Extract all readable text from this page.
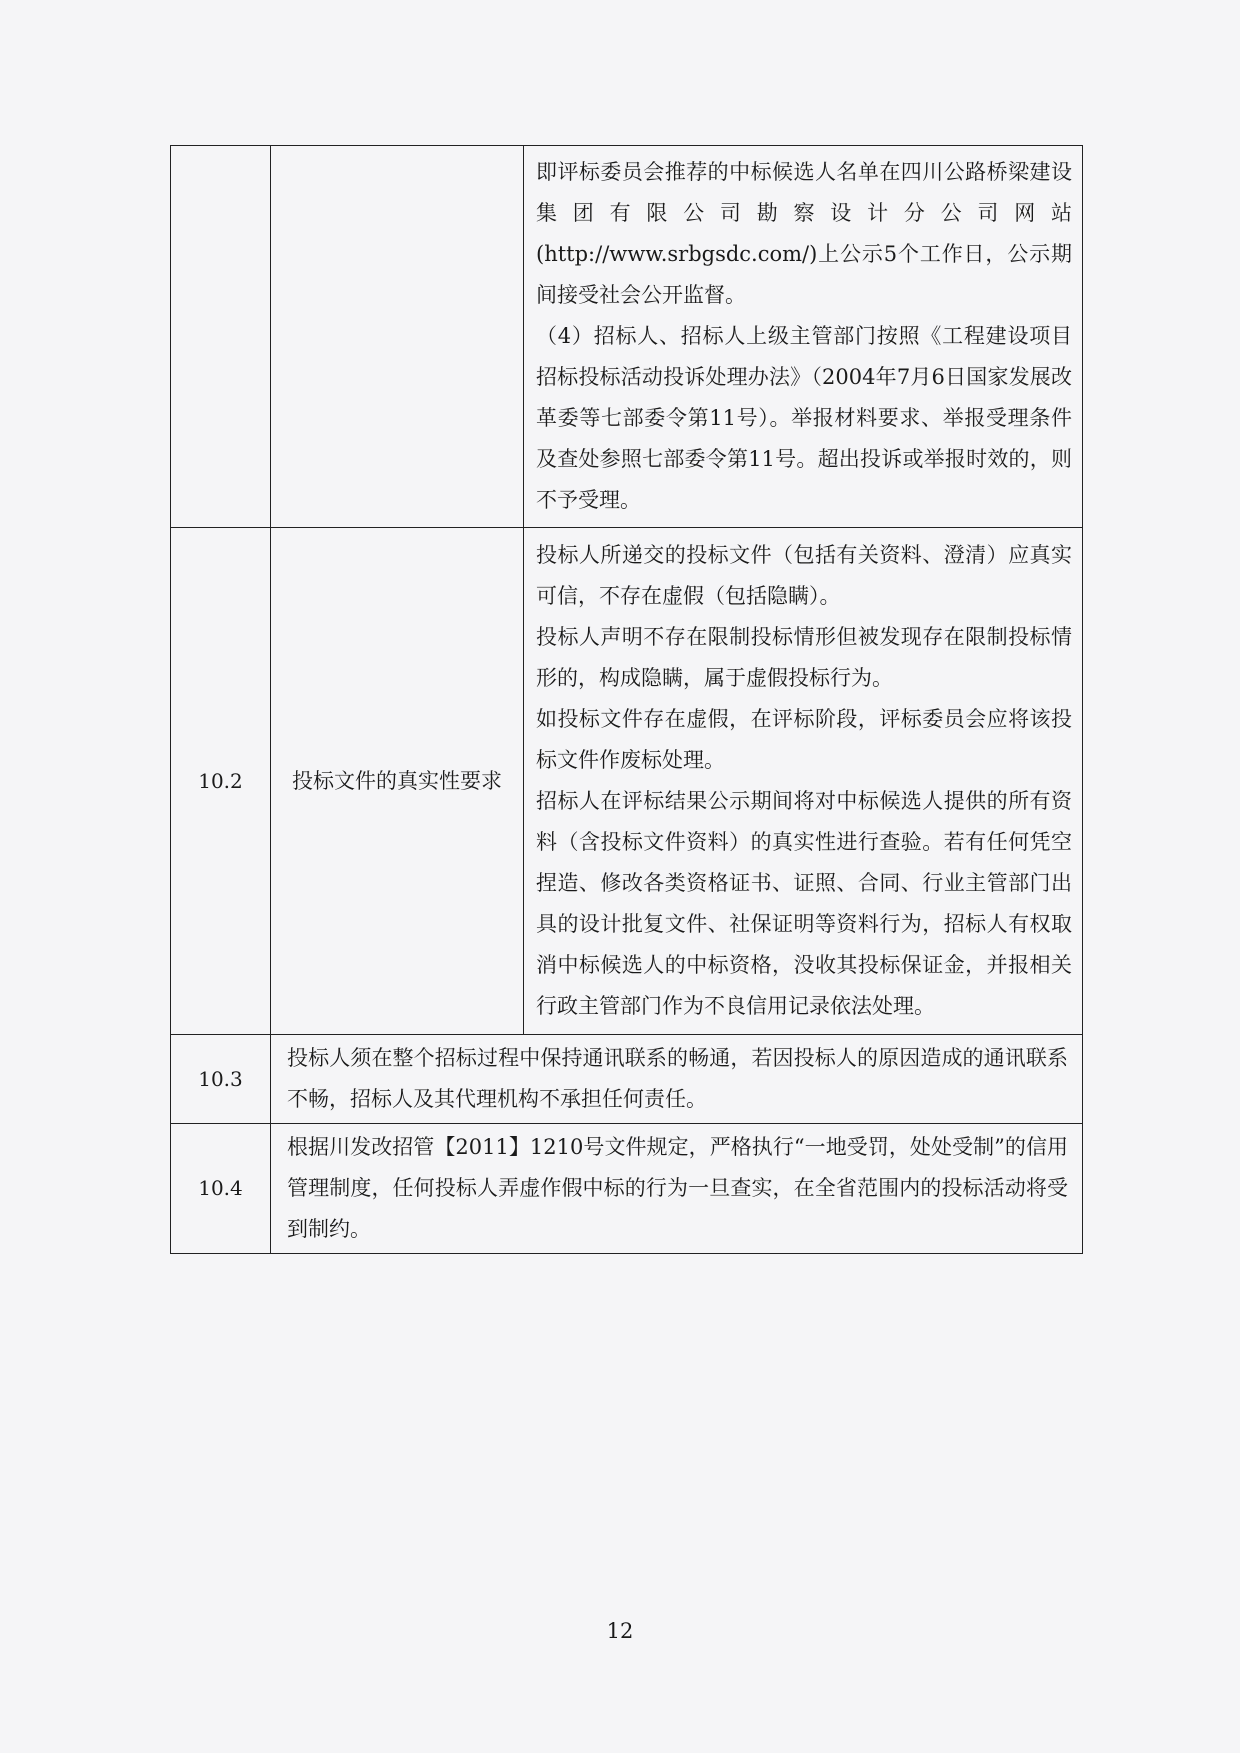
		即评标委员会推荐的中标候选人名单在四川公路桥梁建设集团有限公司勘察设计分公司网站(http://www.srbgsdc.com/)上公示5个工作日，公示期间接受社会公开监督。

（4）招标人、招标人上级主管部门按照《工程建设项目招标投标活动投诉处理办法》（2004年7月6日国家发展改革委等七部委令第11号）。举报材料要求、举报受理条件及查处参照七部委令第11号。超出投诉或举报时效的，则不予受理。

10.2	投标文件的真实性要求	投标人所递交的投标文件（包括有关资料、澄清）应真实可信，不存在虚假（包括隐瞒）。

投标人声明不存在限制投标情形但被发现存在限制投标情形的，构成隐瞒，属于虚假投标行为。

如投标文件存在虚假，在评标阶段，评标委员会应将该投标文件作废标处理。

招标人在评标结果公示期间将对中标候选人提供的所有资料（含投标文件资料）的真实性进行查验。若有任何凭空捏造、修改各类资格证书、证照、合同、行业主管部门出具的设计批复文件、社保证明等资料行为，招标人有权取消中标候选人的中标资格，没收其投标保证金，并报相关行政主管部门作为不良信用记录依法处理。

10.3	投标人须在整个招标过程中保持通讯联系的畅通，若因投标人的原因造成的通讯联系不畅，招标人及其代理机构不承担任何责任。	

10.4	根据川发改招管【2011】1210号文件规定，严格执行“一地受罚，处处受制”的信用管理制度，任何投标人弄虚作假中标的行为一旦查实，在全省范围内的投标活动将受到制约。	

12
